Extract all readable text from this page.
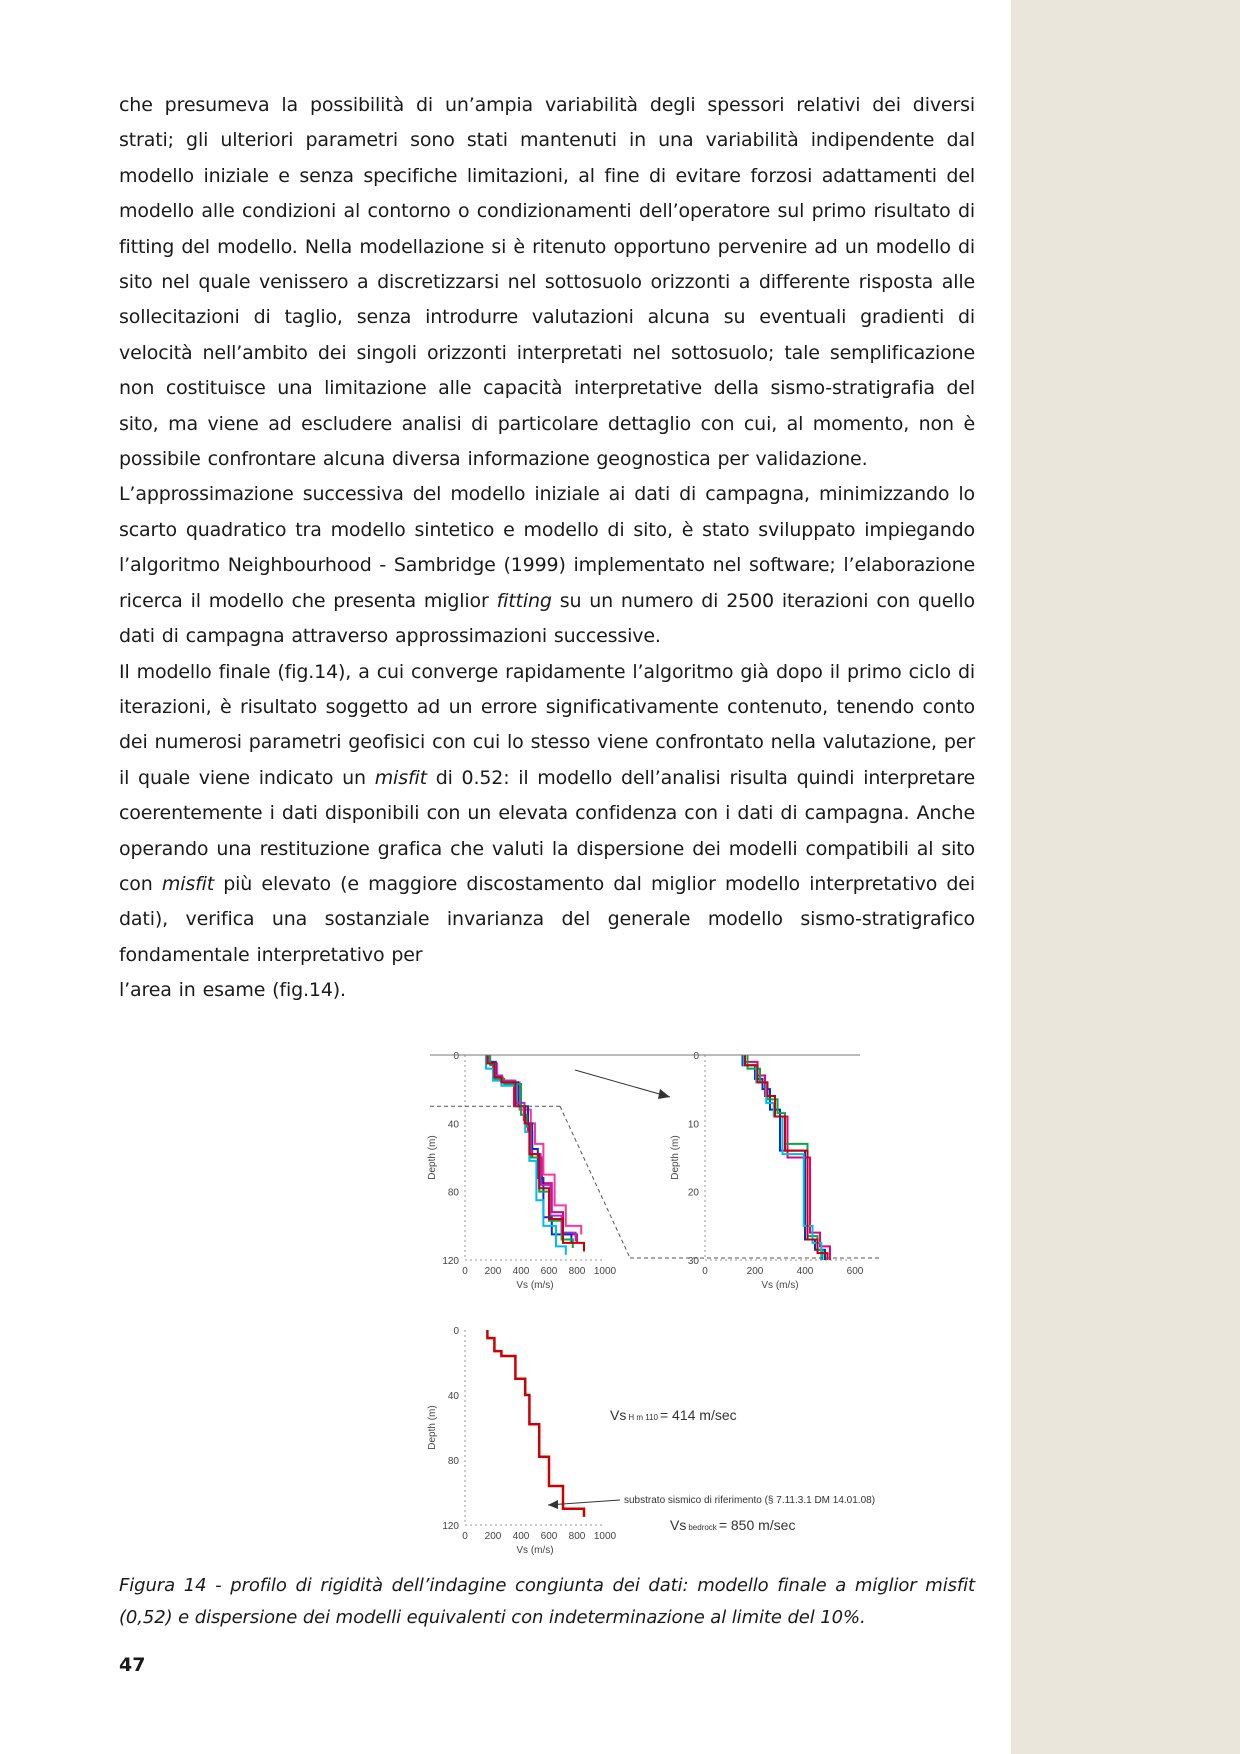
che presumeva la possibilità di un’ampia variabilità degli spessori relativi dei diversi strati; gli ulteriori parametri sono stati mantenuti in una variabilità indipendente dal modello iniziale e senza specifiche limitazioni, al fine di evitare forzosi adattamenti del modello alle condizioni al contorno o condizionamenti dell’operatore sul primo risultato di fitting del modello. Nella modellazione si è ritenuto opportuno pervenire ad un modello di sito nel quale venissero a discretizzarsi nel sottosuolo orizzonti a differente risposta alle sollecitazioni di taglio, senza introdurre valutazioni alcuna su eventuali gradienti di velocità nell’ambito dei singoli orizzonti interpretati nel sottosuolo; tale semplificazione non costituisce una limitazione alle capacità interpretative della sismo-stratigrafia del sito, ma viene ad escludere analisi di particolare dettaglio con cui, al momento, non è possibile confrontare alcuna diversa informazione geognostica per validazione.

L’approssimazione successiva del modello iniziale ai dati di campagna, minimizzando lo scarto quadratico tra modello sintetico e modello di sito, è stato sviluppato impiegando l’algoritmo Neighbourhood - Sambridge (1999) implementato nel software; l’elaborazione ricerca il modello che presenta miglior fitting su un numero di 2500 iterazioni con quello dati di campagna attraverso approssimazioni successive.

Il modello finale (fig.14), a cui converge rapidamente l’algoritmo già dopo il primo ciclo di iterazioni, è risultato soggetto ad un errore significativamente contenuto, tenendo conto dei numerosi parametri geofisici con cui lo stesso viene confrontato nella valutazione, per il quale viene indicato un misfit di 0.52: il modello dell’analisi risulta quindi interpretare coerentemente i dati disponibili con un elevata confidenza con i dati di campagna. Anche operando una restituzione grafica che valuti la dispersione dei modelli compatibili al sito con misfit più elevato (e maggiore discostamento dal miglior modello interpretativo dei dati), verifica una sostanziale invarianza del generale modello sismo-stratigrafico fondamentale interpretativo per

l’area in esame (fig.14).

0
40
80
120
0 200 400 600 800 1000
Vs (m/s)
Depth (m)
0
10
20
30
0	200	400	600
Vs (m/s)
Depth (m)
0
40
80
120
0 200 400 600 800 1000
Vs (m/s)
Depth (m)	Vs H m 110 = 414 m/sec
substrato sismico di riferimento (§ 7.11.3.1 DM 14.01.08)
Vs bedrock = 850 m/sec
Figura 14 - profilo di rigidità dell’indagine congiunta dei dati: modello finale a miglior misfit (0,52) e dispersione dei modelli equivalenti con indeterminazione al limite del 10%.
47
